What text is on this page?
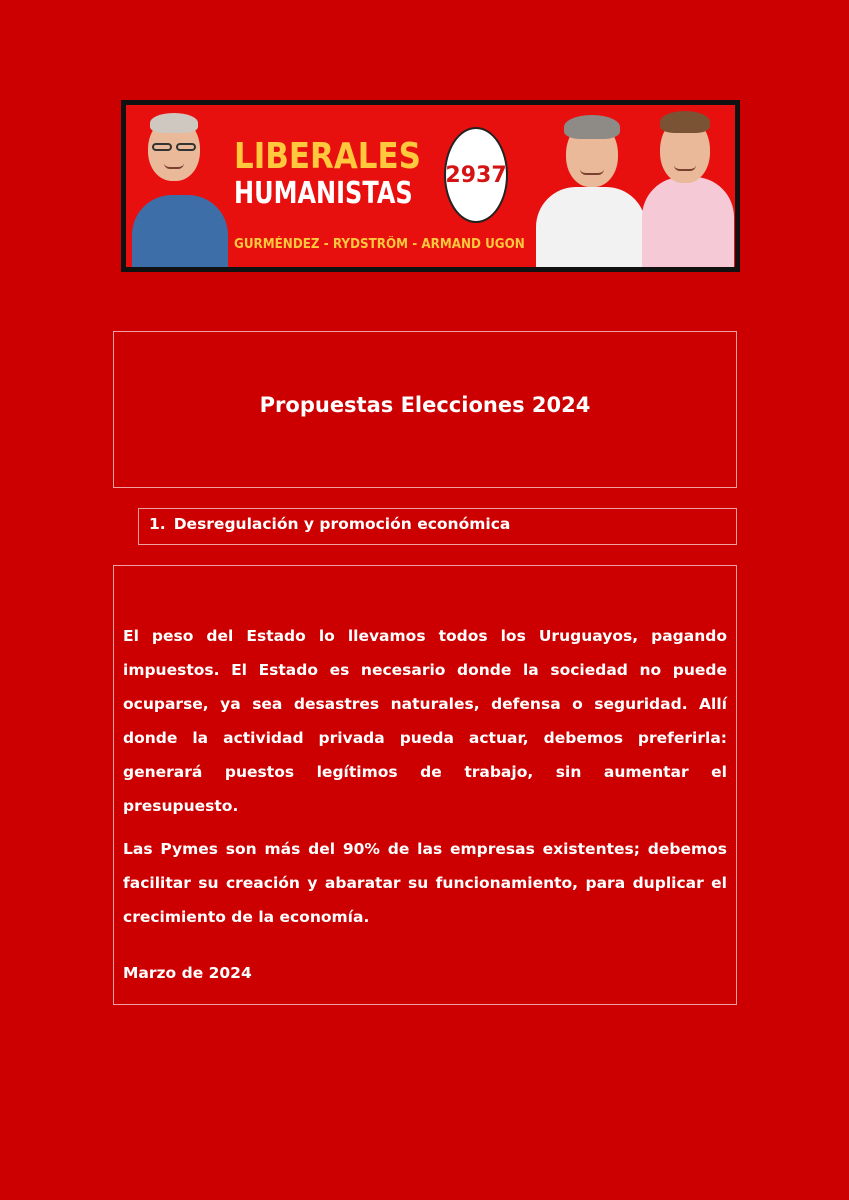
LIBERALES
HUMANISTAS
2937
GURMÉNDEZ - RYDSTRÖM - ARMAND UGON
Propuestas Elecciones 2024
1. Desregulación y promoción económica

El peso del Estado lo llevamos todos los Uruguayos, pagando impuestos. El Estado es necesario donde la sociedad no puede ocuparse, ya sea desastres naturales, defensa o seguridad. Allí donde la actividad privada pueda actuar, debemos preferirla: generará puestos legítimos de trabajo, sin aumentar el presupuesto.

Las Pymes son más del 90% de las empresas existentes; debemos facilitar su creación y abaratar su funcionamiento, para duplicar el crecimiento de la economía.

Marzo de 2024
